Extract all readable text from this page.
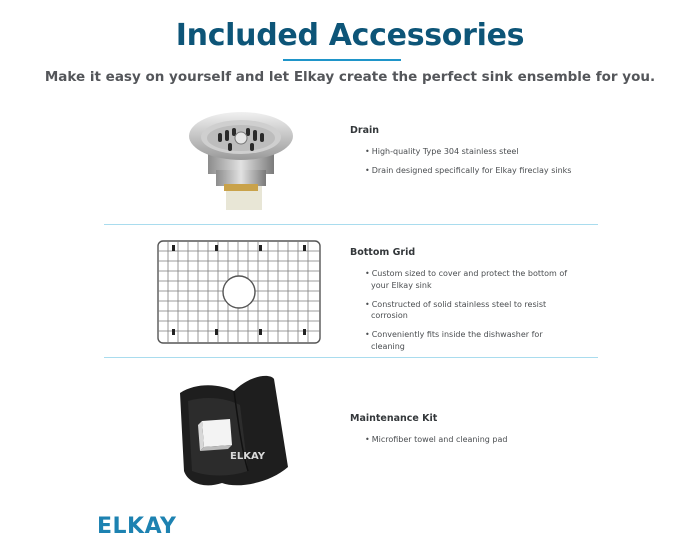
Included Accessories
Make it easy on yourself and let Elkay create the perfect sink ensemble for you.
Drain
• High-quality Type 304 stainless steel
• Drain designed specifically for Elkay fireclay sinks
Bottom Grid
• Custom sized to cover and protect the bottom of your Elkay sink
• Constructed of solid stainless steel to resist corrosion
• Conveniently fits inside the dishwasher for cleaning
ELKAY
Maintenance Kit
• Microfiber towel and cleaning pad
ELKAY
